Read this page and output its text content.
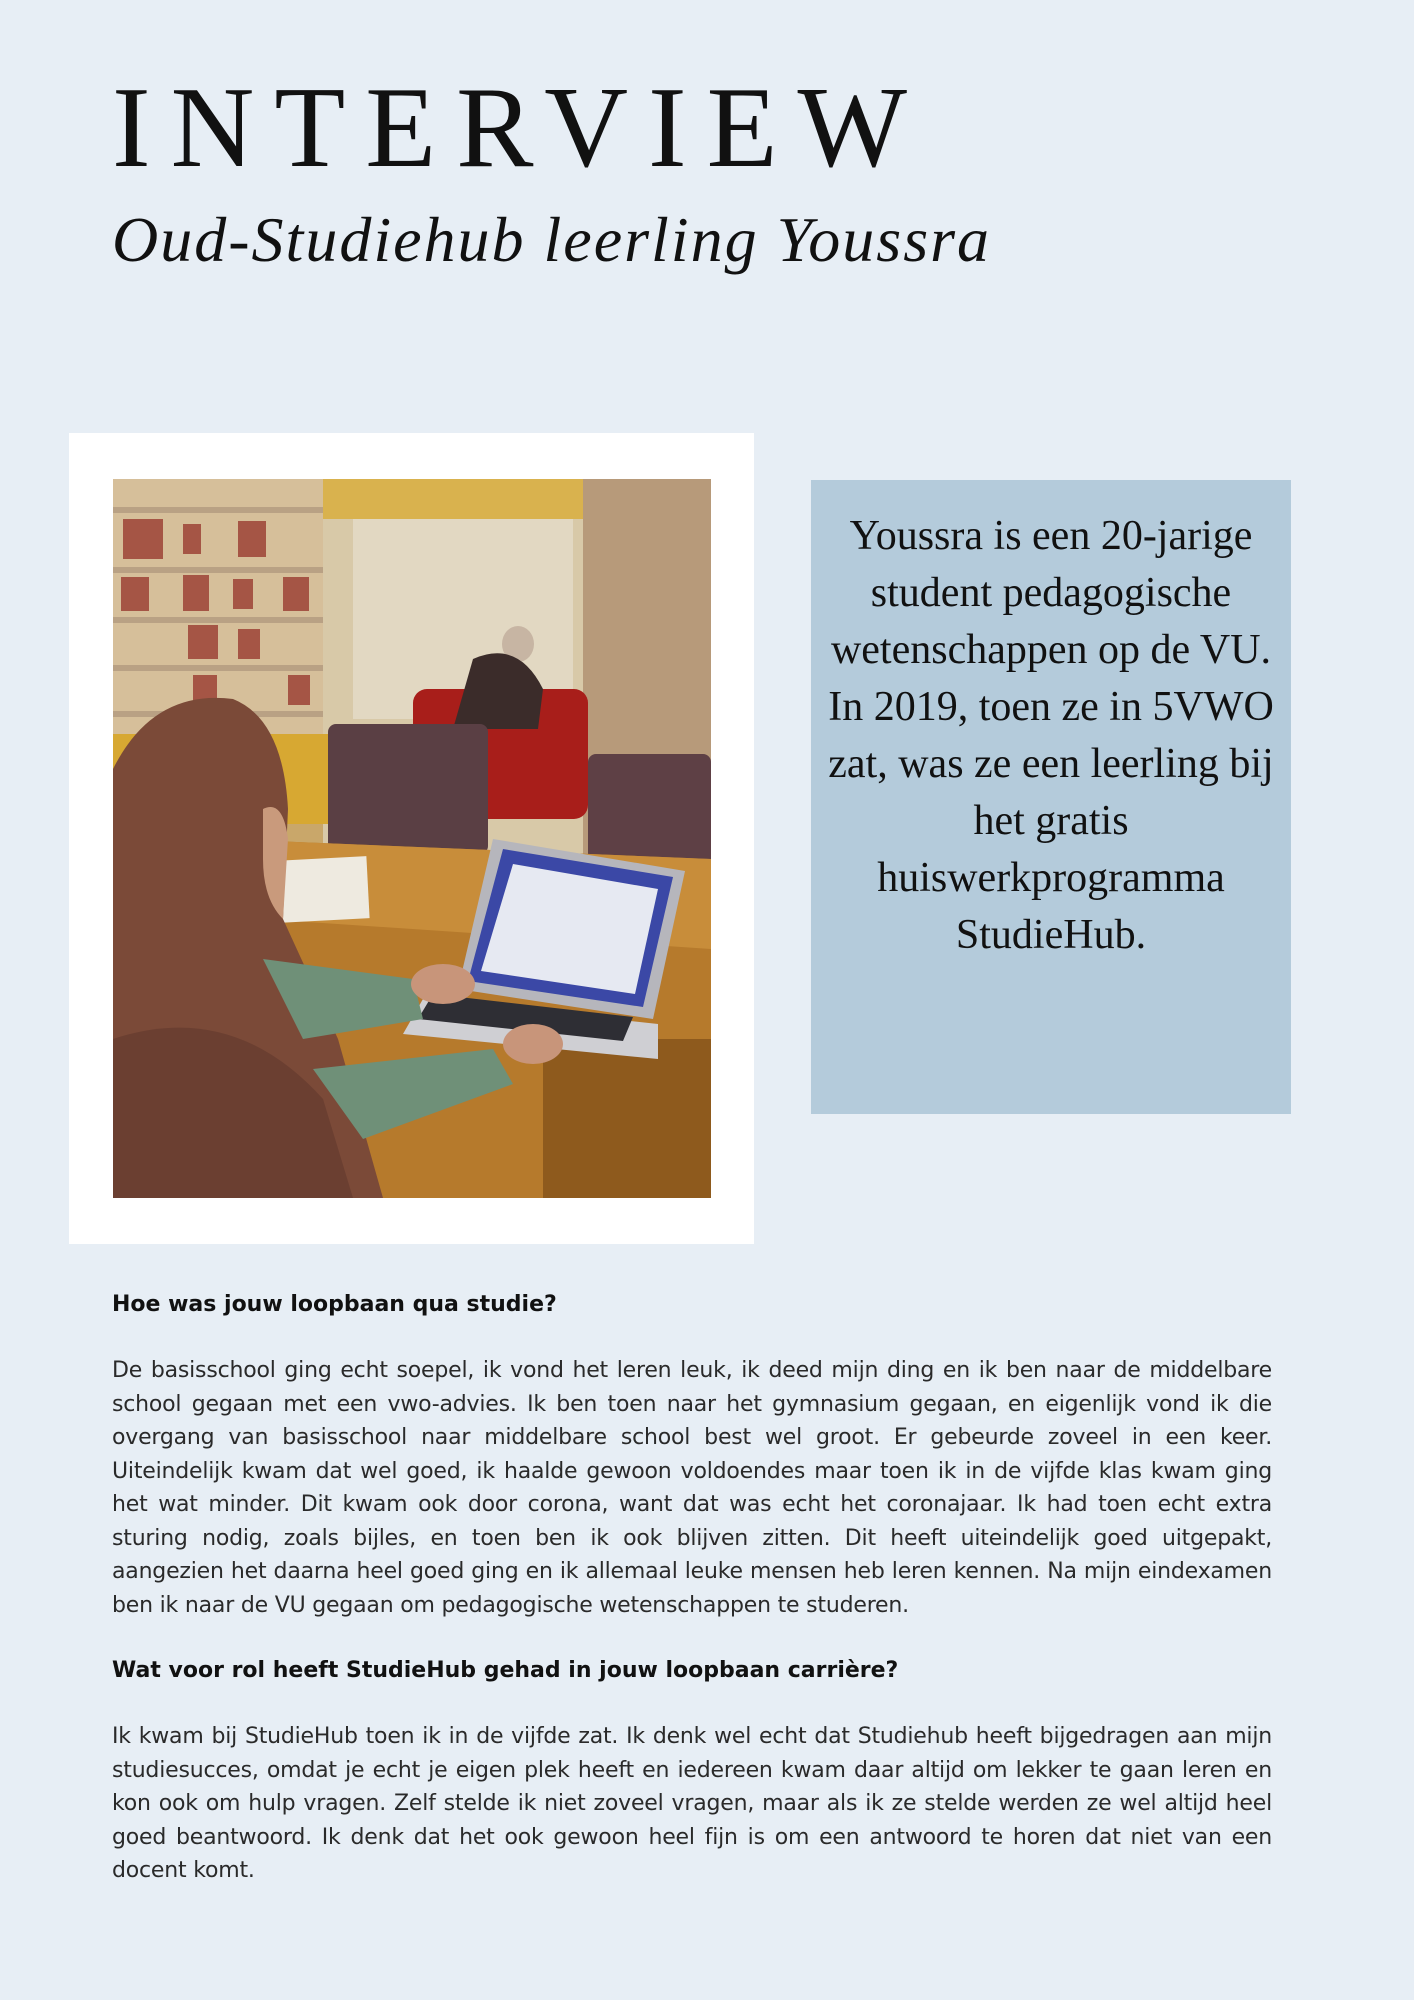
INTERVIEW
Oud-Studiehub leerling Youssra
Youssra is een 20-jarige student pedagogische wetenschappen op de VU. In 2019, toen ze in 5VWO zat, was ze een leerling bij het gratis huiswerkprogramma StudieHub.

Hoe was jouw loopbaan qua studie?

De basisschool ging echt soepel, ik vond het leren leuk, ik deed mijn ding en ik ben naar de middelbare school gegaan met een vwo-advies. Ik ben toen naar het gymnasium gegaan, en eigenlijk vond ik die overgang van basisschool naar middelbare school best wel groot. Er gebeurde zoveel in een keer. Uiteindelijk kwam dat wel goed, ik haalde gewoon voldoendes maar toen ik in de vijfde klas kwam ging het wat minder. Dit kwam ook door corona, want dat was echt het coronajaar. Ik had toen echt extra sturing nodig, zoals bijles, en toen ben ik ook blijven zitten. Dit heeft uiteindelijk goed uitgepakt, aangezien het daarna heel goed ging en ik allemaal leuke mensen heb leren kennen. Na mijn eindexamen ben ik naar de VU gegaan om pedagogische wetenschappen te studeren.

Wat voor rol heeft StudieHub gehad in jouw loopbaan carrière?

Ik kwam bij StudieHub toen ik in de vijfde zat. Ik denk wel echt dat Studiehub heeft bijgedragen aan mijn studiesucces, omdat je echt je eigen plek heeft en iedereen kwam daar altijd om lekker te gaan leren en kon ook om hulp vragen. Zelf stelde ik niet zoveel vragen, maar als ik ze stelde werden ze wel altijd heel goed beantwoord. Ik denk dat het ook gewoon heel fijn is om een antwoord te horen dat niet van een docent komt.
